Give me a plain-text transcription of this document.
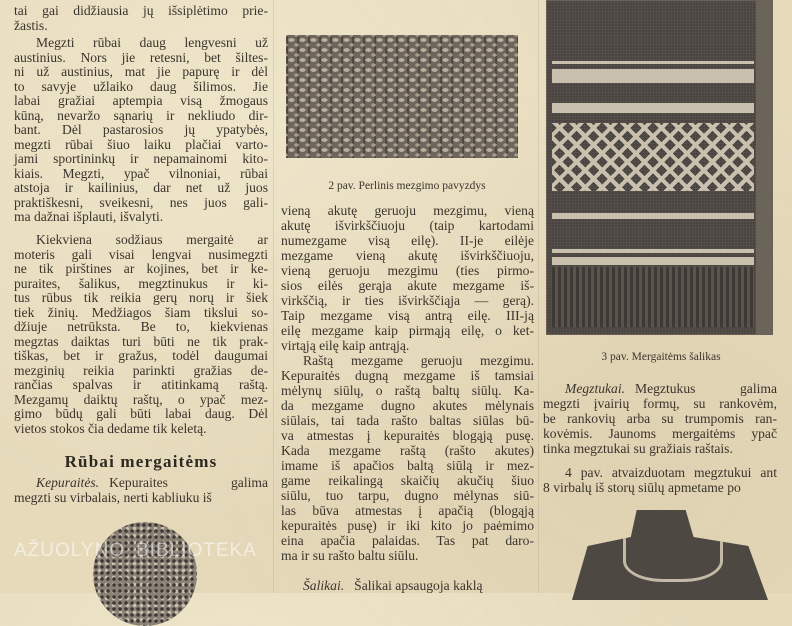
tai gai didžiausia jų išsiplėtimo prie-
žastis.
Megzti rūbai daug lengvesni už
austinius. Nors jie retesni, bet šiltes-
ni už austinius, mat jie papurę ir dėl
to savyje užlaiko daug šilimos. Jie
labai gražiai aptempia visą žmogaus
kūną, nevaržo sąnarių ir nekliudo dir-
bant. Dėl pastarosios jų ypatybės,
megzti rūbai šiuo laiku plačiai varto-
jami sportininkų ir nepamainomi kito-
kiais. Megzti, ypač vilnoniai, rūbai
atstoja ir kailinius, dar net už juos
praktiškesni, sveikesni, nes juos gali-
ma dažnai išplauti, išvalyti.
Kiekviena sodžiaus mergaitė ar
moteris gali visai lengvai nusimegzti
ne tik pirštines ar kojines, bet ir ke-
puraites, šalikus, megztinukus ir ki-
tus rūbus tik reikia gerų norų ir šiek
tiek žinių. Medžiagos šiam tikslui so-
džiuje netrūksta. Be to, kiekvienas
megztas daiktas turi būti ne tik prak-
tiškas, bet ir gražus, todėl daugumai
mezginių reikia parinkti gražias de-
rančias spalvas ir atitinkamą raštą.
Mezgamų daiktų raštų, o ypač mez-
gimo būdų gali būti labai daug. Dėl
vietos stokos čia dedame tik keletą.
Rūbai mergaitėms
Kepuraitės. Kepuraites galima
megzti su virbalais, nerti kabliuku iš
2 pav. Perlinis mezgimo pavyzdys
vieną akutę geruoju mezgimu, vieną
akutę išvirkščiuoju (taip kartodami
numezgame visą eilę). II-je eilėje
mezgame vieną akutę išvirkščiuoju,
vieną geruoju mezgimu (ties pirmo-
sios eilės gerąja akute mezgame iš-
virkščią, ir ties išvirkščiąja — gerą).
Taip mezgame visą antrą eilę. III-ją
eilę mezgame kaip pirmąją eilę, o ket-
virtąją eilę kaip antrąją.
Raštą mezgame geruoju mezgimu.
Kepuraitės dugną mezgame iš tamsiai
mėlynų siūlų, o raštą baltų siūlų. Ka-
da mezgame dugno akutes mėlynais
siūlais, tai tada rašto baltas siūlas bū-
va atmestas į kepuraitės blogąją pusę.
Kada mezgame raštą (rašto akutes)
imame iš apačios baltą siūlą ir mez-
game reikalingą skaičių akučių šiuo
siūlu, tuo tarpu, dugno mėlynas siū-
las būva atmestas į apačią (blogąją
kepuraitės pusę) ir iki kito jo paėmimo
eina apačia palaidas. Tas pat daro-
ma ir su rašto baltu siūlu.
Šalikai. Šalikai apsaugoja kaklą
3 pav. Mergaitėms šalikas
Megztukai. Megztukus galima
megzti įvairių formų, su rankovėm,
be rankovių arba su trumpomis ran-
kovėmis. Jaunoms mergaitėms ypač
tinka megztukai su gražiais raštais.
4 pav. atvaizduotam megztukui ant
8 virbalų iš storų siūlų apmetame po
AŽUOLYNO BIBLIOTEKA
